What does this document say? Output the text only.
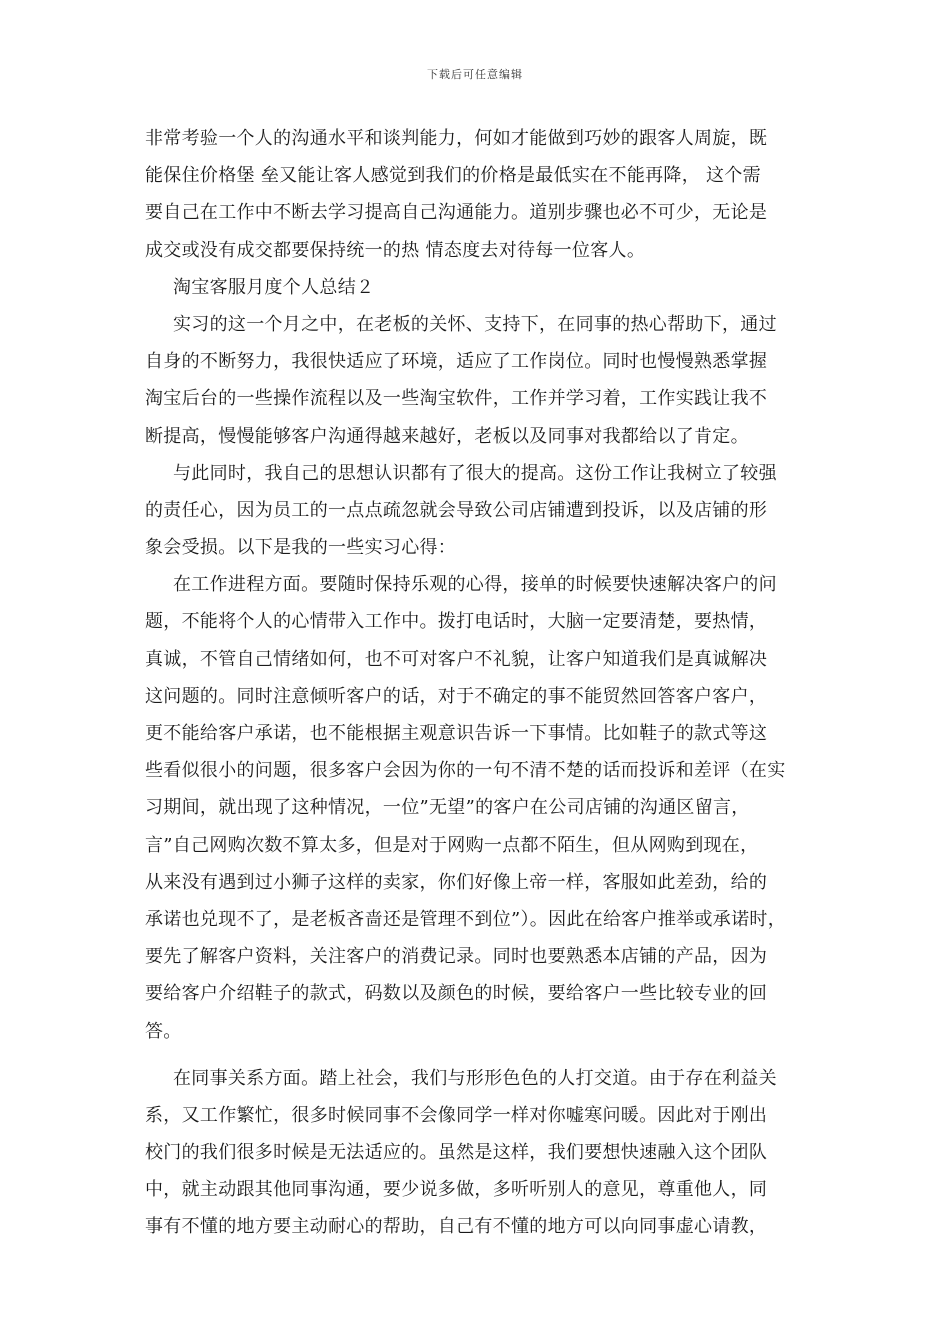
下载后可任意编辑
非常考验一个人的沟通水平和谈判能力，何如才能做到巧妙的跟客人周旋，既
能保住价格堡 垒又能让客人感觉到我们的价格是最低实在不能再降， 这个需
要自己在工作中不断去学习提高自己沟通能力。道别步骤也必不可少，无论是
成交或没有成交都要保持统一的热 情态度去对待每一位客人。
淘宝客服月度个人总结２
实习的这一个月之中，在老板的关怀、支持下，在同事的热心帮助下，通过
自身的不断努力，我很快适应了环境，适应了工作岗位。同时也慢慢熟悉掌握
淘宝后台的一些操作流程以及一些淘宝软件，工作并学习着，工作实践让我不
断提高，慢慢能够客户沟通得越来越好，老板以及同事对我都给以了肯定。
与此同时，我自己的思想认识都有了很大的提高。这份工作让我树立了较强
的责任心，因为员工的一点点疏忽就会导致公司店铺遭到投诉，以及店铺的形
象会受损。以下是我的一些实习心得：
在工作进程方面。要随时保持乐观的心得，接单的时候要快速解决客户的问
题，不能将个人的心情带入工作中。拨打电话时，大脑一定要清楚，要热情，
真诚，不管自己情绪如何，也不可对客户不礼貌，让客户知道我们是真诚解决
这问题的。同时注意倾听客户的话，对于不确定的事不能贸然回答客户客户，
更不能给客户承诺，也不能根据主观意识告诉一下事情。比如鞋子的款式等这
些看似很小的问题，很多客户会因为你的一句不清不楚的话而投诉和差评（在实
习期间，就出现了这种情况，一位”无望”的客户在公司店铺的沟通区留言，
言”自己网购次数不算太多，但是对于网购一点都不陌生，但从网购到现在，
从来没有遇到过小狮子这样的卖家，你们好像上帝一样，客服如此差劲，给的
承诺也兑现不了，是老板吝啬还是管理不到位”）。因此在给客户推举或承诺时，
要先了解客户资料，关注客户的消费记录。同时也要熟悉本店铺的产品，因为
要给客户介绍鞋子的款式，码数以及颜色的时候，要给客户一些比较专业的回
答。
在同事关系方面。踏上社会，我们与形形色色的人打交道。由于存在利益关
系，又工作繁忙，很多时候同事不会像同学一样对你嘘寒问暖。因此对于刚出
校门的我们很多时候是无法适应的。虽然是这样，我们要想快速融入这个团队
中，就主动跟其他同事沟通，要少说多做，多听听别人的意见，尊重他人，同
事有不懂的地方要主动耐心的帮助，自己有不懂的地方可以向同事虚心请教，
